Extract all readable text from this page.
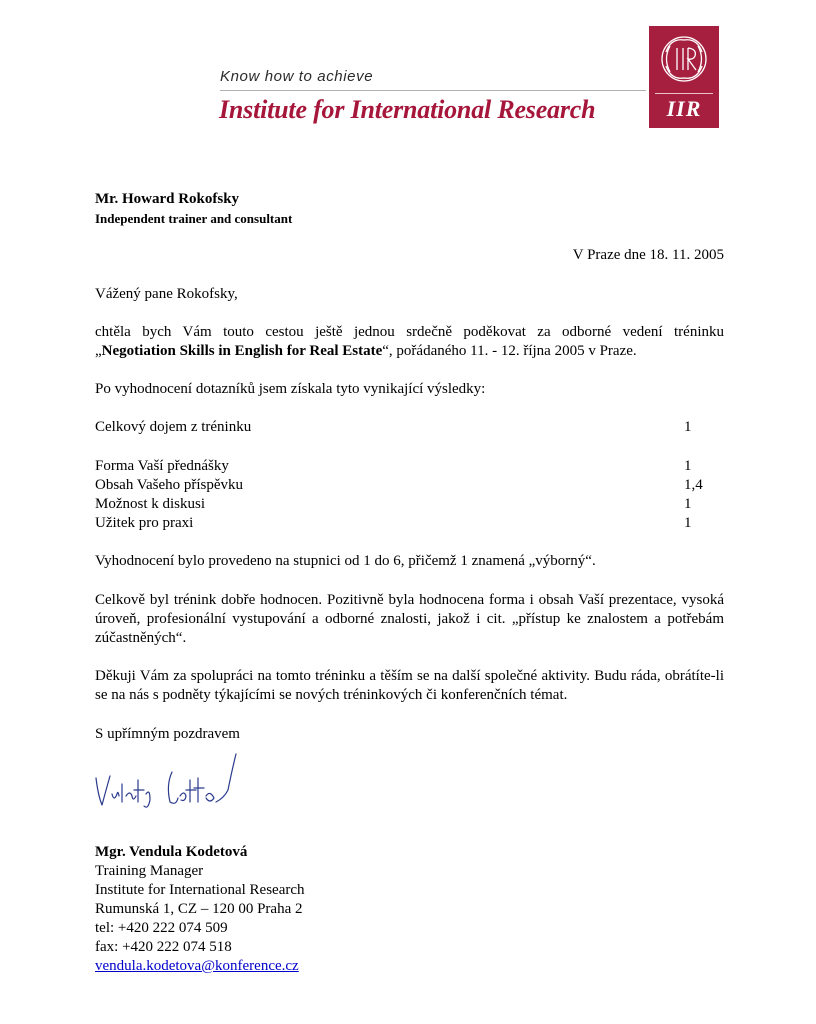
Know how to achieve
Institute for International Research	IIR
Mr. Howard Rokofsky
Independent trainer and consultant
V Praze dne 18. 11. 2005
Vážený pane Rokofsky,
chtěla bych Vám touto cestou ještě jednou srdečně poděkovat za odborné vedení tréninku
„Negotiation Skills in English for Real Estate“, pořádaného 11. - 12. října 2005 v Praze.
Po vyhodnocení dotazníků jsem získala tyto vynikající výsledky:
Celkový dojem z tréninku	1
Forma Vaší přednášky	1
Obsah Vašeho příspěvku	1,4
Možnost k diskusi	1
Užitek pro praxi	1
Vyhodnocení bylo provedeno na stupnici od 1 do 6, přičemž 1 znamená „výborný“.
Celkově byl trénink dobře hodnocen. Pozitivně byla hodnocena forma i obsah Vaší prezentace, vysoká úroveň, profesionální vystupování a odborné znalosti, jakož i cit. „přístup ke znalostem a potřebám zúčastněných“.
Děkuji Vám za spolupráci na tomto tréninku a těším se na další společné aktivity. Budu ráda, obrátíte-li se na nás s podněty týkajícími se nových tréninkových či konferenčních témat.
S upřímným pozdravem
Mgr. Vendula Kodetová
Training Manager
Institute for International Research
Rumunská 1, CZ – 120 00 Praha 2
tel: +420 222 074 509
fax: +420 222 074 518
vendula.kodetova@konference.cz
